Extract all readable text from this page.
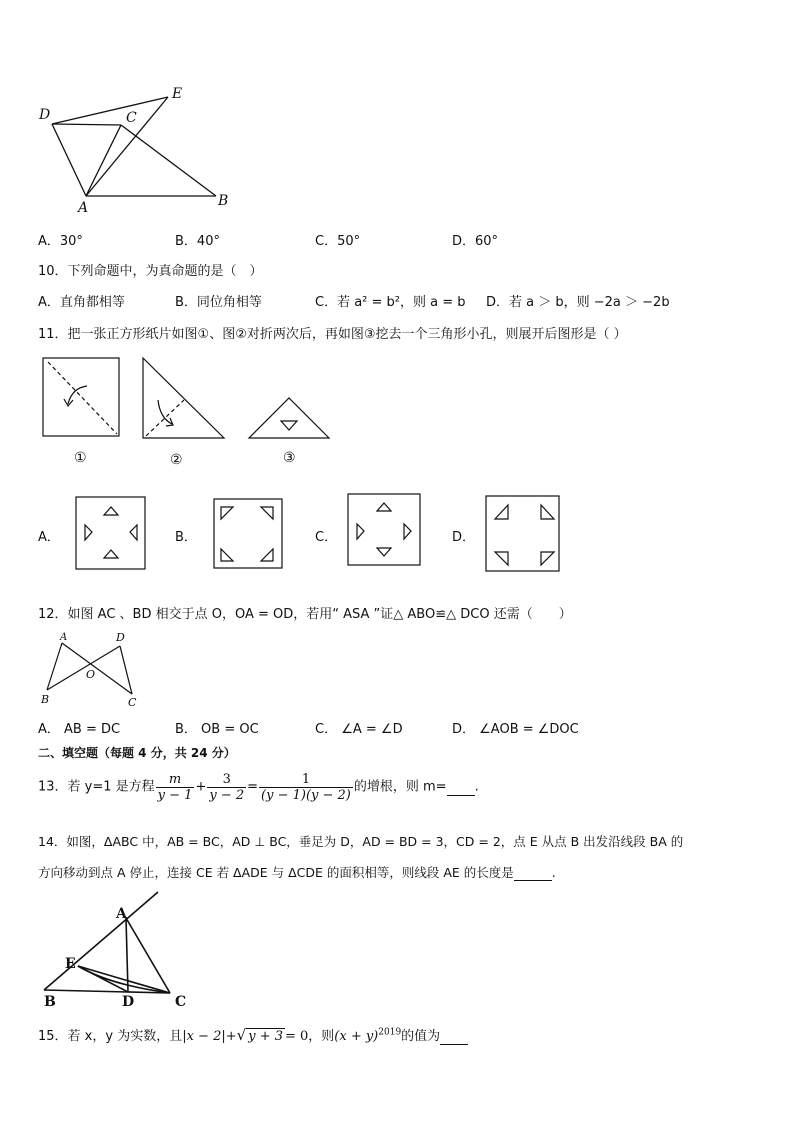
D	C
E
A	B
A．30°	B．40°	C．50°	D．60°
10．下列命题中，为真命题的是（　）
A．直角都相等	B．同位角相等	C．若 a² = b²，则 a = b D．若 a ＞ b，则 −2a ＞ −2b
11．把一张正方形纸片如图①、图②对折两次后，再如图③挖去一个三角形小孔，则展开后图形是（ ）
①	②	③
A．	B．	C．	D．
12．如图 AC 、BD 相交于点 O，OA = OD，若用“ ASA ”证△ ABO≌△ DCO 还需（　　）
A	D
O
B	C
A． AB = DC	B． OB = OC	C． ∠A = ∠D	D． ∠AOB = ∠DOC
二、填空题（每题 4 分，共 24 分）
13．若 y=1 是方程 $\frac{m}{y - 1} + \frac{3}{y - 2} = \frac{1}{(y - 1)(y - 2)}$ 的增根，则 m= .
14．如图，ΔABC 中，AB = BC，AD ⊥ BC，垂足为 D，AD = BD = 3，CD = 2，点 E 从点 B 出发沿线段 BA 的
方向移动到点 A 停止，连接 CE 若 ΔADE 与 ΔCDE 的面积相等，则线段 AE 的长度是	.
A
E
B	D	C
15．若 x，y 为实数，且|x − 2|+√ y + 3 = 0，则$(x + y)^{2019}$的值为
